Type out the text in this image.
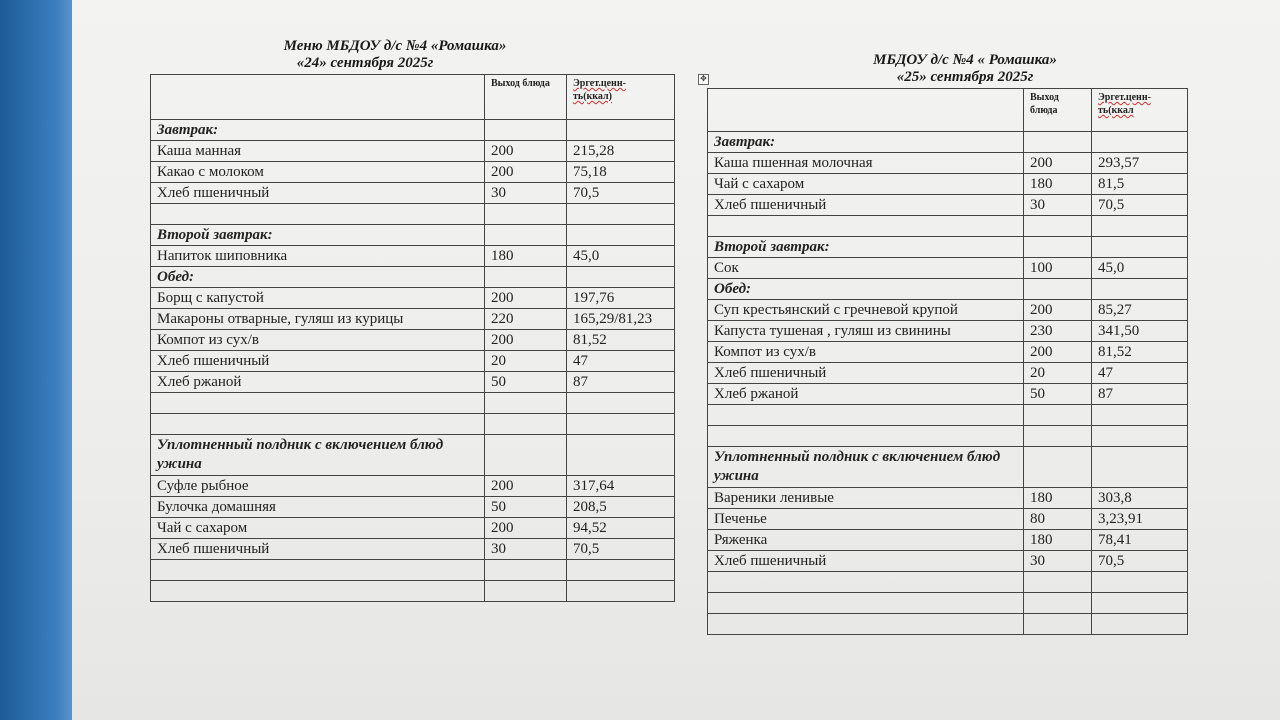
Меню МБДОУ д/с №4 «Ромашка»
«24» сентября 2025г
	Выход блюда	Эргет.ценн-
ть(ккал)
Завтрак:		
Каша манная	200	215,28
Какао с молоком	200	75,18
Хлеб пшеничный	30	70,5

Второй завтрак:		
Напиток шиповника	180	45,0
Обед:		
Борщ с капустой	200	197,76
Макароны отварные, гуляш из курицы	220	165,29/81,23
Компот из сух/в	200	81,52
Хлеб пшеничный	20	47
Хлеб ржаной	50	87

Уплотненный полдник с включением блюд ужина		
Суфле рыбное	200	317,64
Булочка домашняя	50	208,5
Чай с сахаром	200	94,52
Хлеб пшеничный	30	70,5

✥
МБДОУ д/с №4 « Ромашка»
«25» сентября 2025г
	Выход блюда	Эргет.ценн-
ть(ккал
Завтрак:		
Каша пшенная молочная	200	293,57
Чай с сахаром	180	81,5
Хлеб пшеничный	30	70,5

Второй завтрак:		
Сок	100	45,0
Обед:		
Суп крестьянский с гречневой крупой	200	85,27
Капуста тушеная , гуляш из свинины	230	341,50
Компот из сух/в	200	81,52
Хлеб пшеничный	20	47
Хлеб ржаной	50	87

Уплотненный полдник с включением блюд ужина		
Вареники ленивые	180	303,8
Печенье	80	3,23,91
Ряженка	180	78,41
Хлеб пшеничный	30	70,5
